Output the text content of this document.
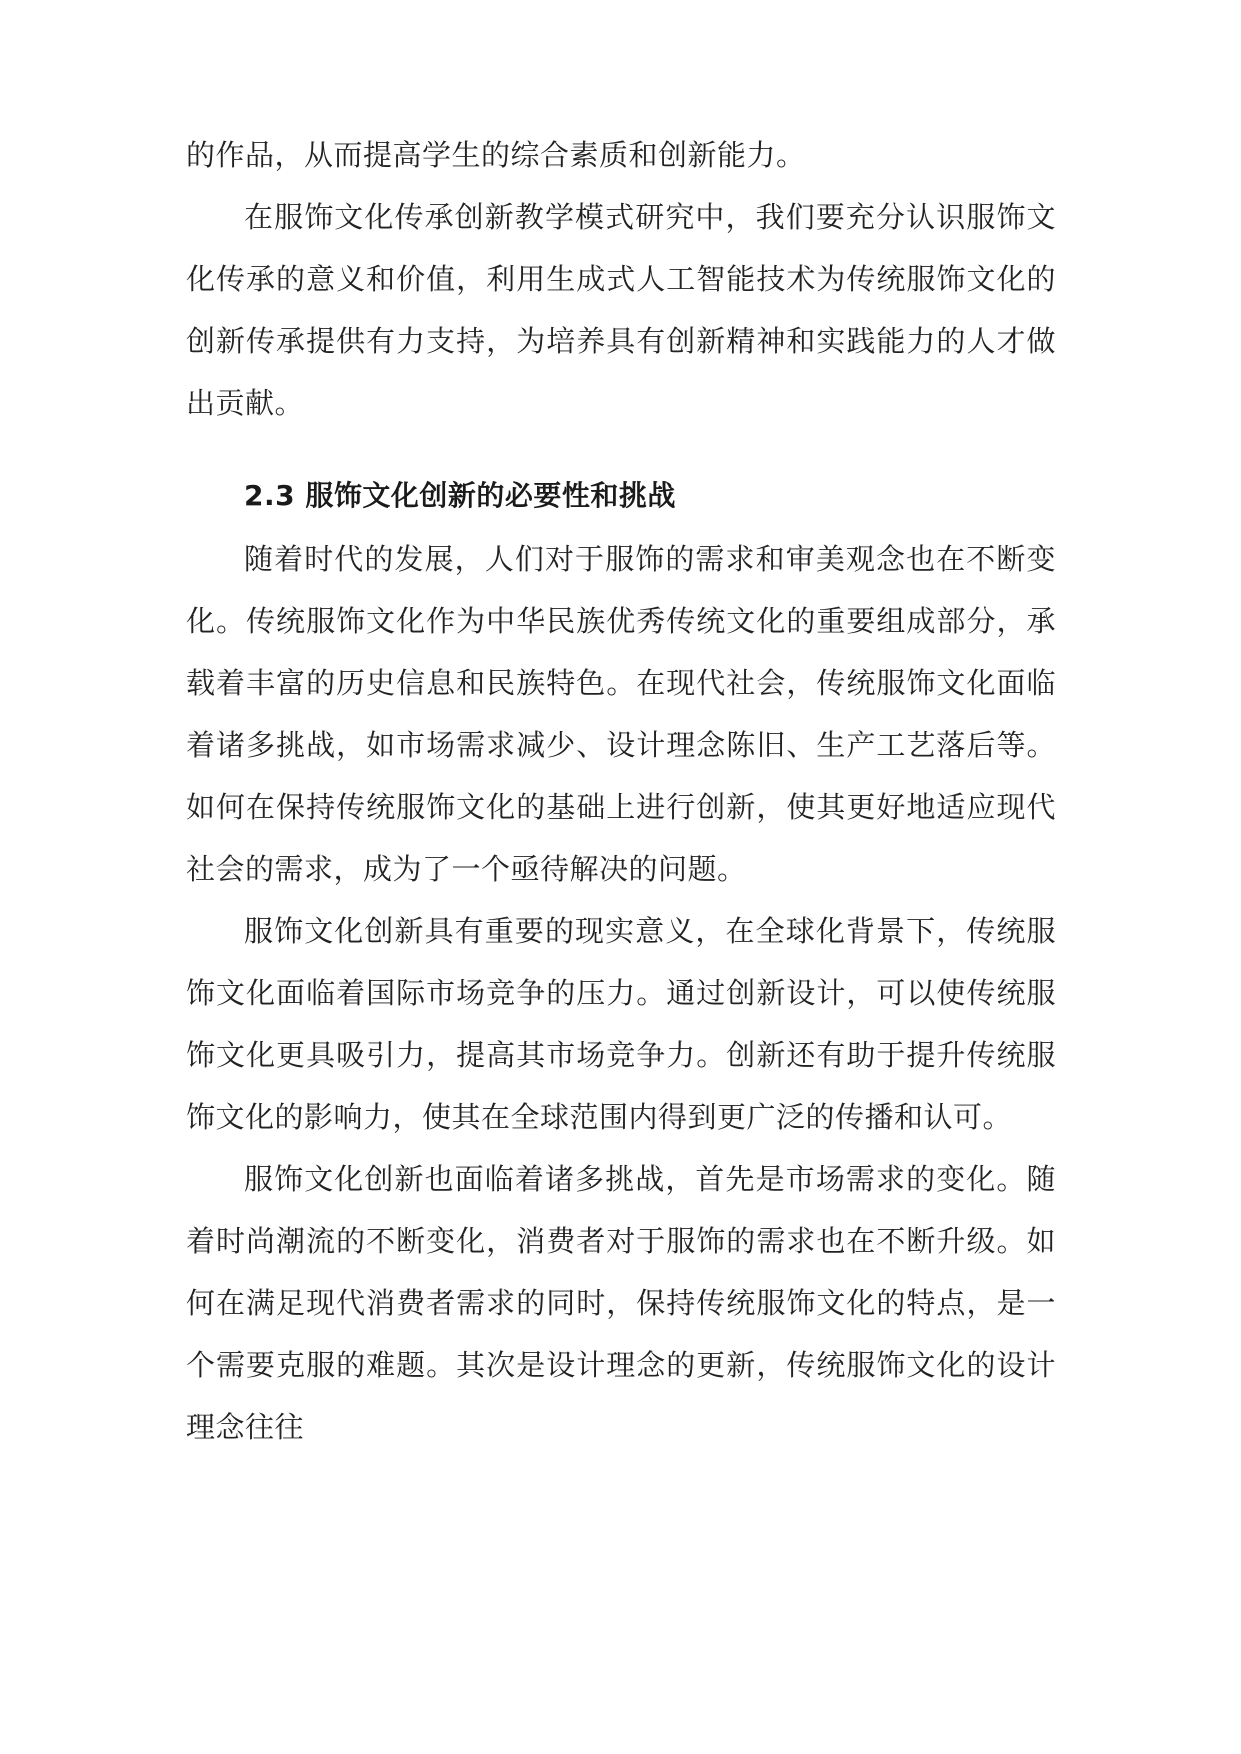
的作品，从而提高学生的综合素质和创新能力。

在服饰文化传承创新教学模式研究中，我们要充分认识服饰文化传承的意义和价值，利用生成式人工智能技术为传统服饰文化的创新传承提供有力支持，为培养具有创新精神和实践能力的人才做出贡献。

2.3 服饰文化创新的必要性和挑战

随着时代的发展，人们对于服饰的需求和审美观念也在不断变化。传统服饰文化作为中华民族优秀传统文化的重要组成部分，承载着丰富的历史信息和民族特色。在现代社会，传统服饰文化面临着诸多挑战，如市场需求减少、设计理念陈旧、生产工艺落后等。如何在保持传统服饰文化的基础上进行创新，使其更好地适应现代社会的需求，成为了一个亟待解决的问题。

服饰文化创新具有重要的现实意义，在全球化背景下，传统服饰文化面临着国际市场竞争的压力。通过创新设计，可以使传统服饰文化更具吸引力，提高其市场竞争力。创新还有助于提升传统服饰文化的影响力，使其在全球范围内得到更广泛的传播和认可。

服饰文化创新也面临着诸多挑战，首先是市场需求的变化。随着时尚潮流的不断变化，消费者对于服饰的需求也在不断升级。如何在满足现代消费者需求的同时，保持传统服饰文化的特点，是一个需要克服的难题。其次是设计理念的更新，传统服饰文化的设计理念往往
